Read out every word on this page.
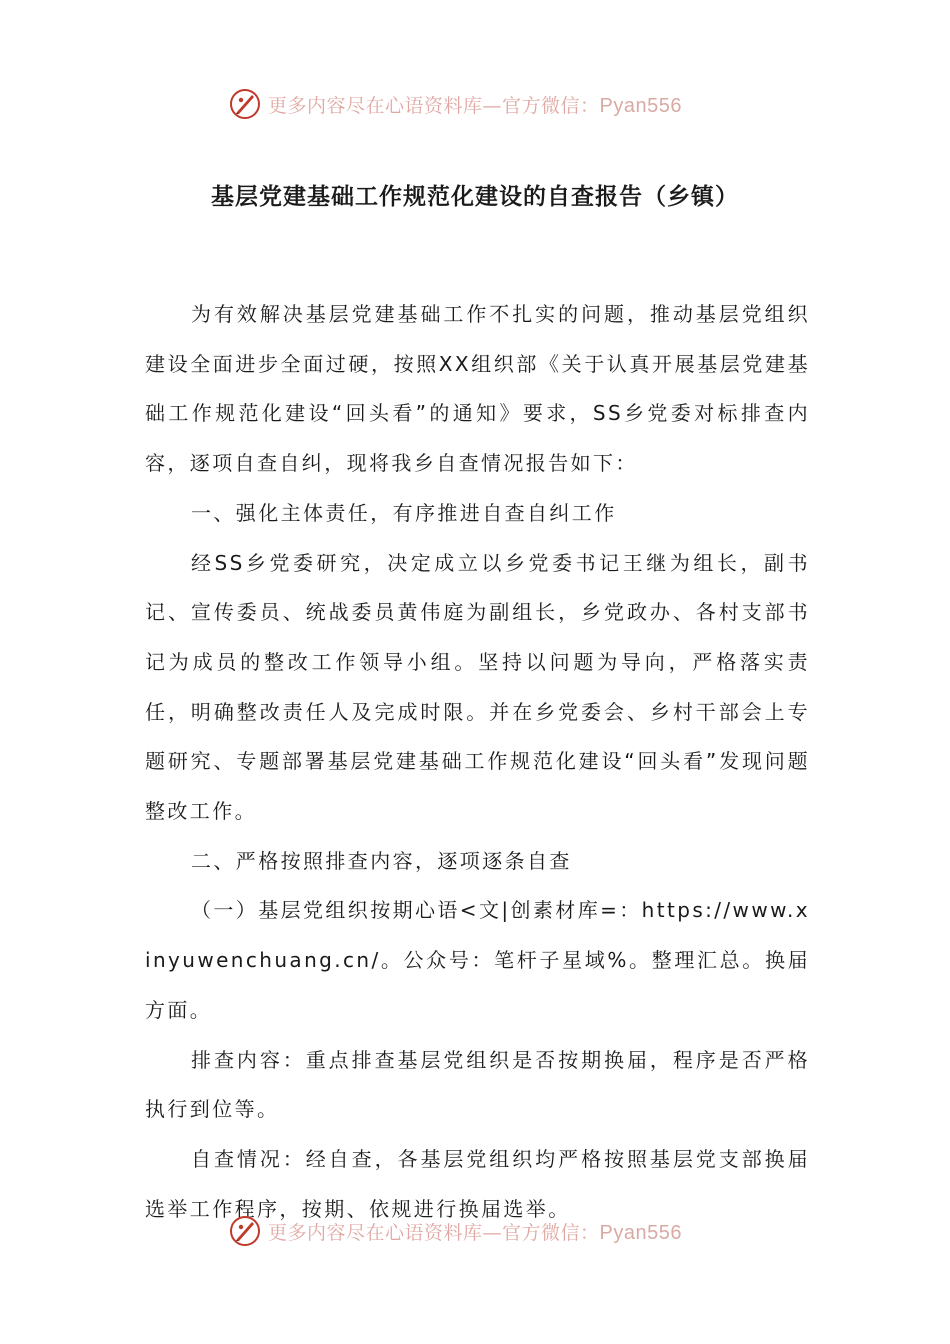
更多内容尽在心语资料库—官方微信：Pyan556
基层党建基础工作规范化建设的自查报告（乡镇）

为有效解决基层党建基础工作不扎实的问题，推动基层党组织建设全面进步全面过硬，按照XX组织部《关于认真开展基层党建基础工作规范化建设“回头看”的通知》要求，SS乡党委对标排查内容，逐项自查自纠，现将我乡自查情况报告如下：

一、强化主体责任，有序推进自查自纠工作

经SS乡党委研究，决定成立以乡党委书记王继为组长，副书记、宣传委员、统战委员黄伟庭为副组长，乡党政办、各村支部书记为成员的整改工作领导小组。坚持以问题为导向，严格落实责任，明确整改责任人及完成时限。并在乡党委会、乡村干部会上专题研究、专题部署基层党建基础工作规范化建设“回头看”发现问题整改工作。

二、严格按照排查内容，逐项逐条自查

（一）基层党组织按期心语<文|创素材库=：https://www.xinyuwenchuang.cn/。公众号：笔杆子星域%。整理汇总。换届方面。

排查内容：重点排查基层党组织是否按期换届，程序是否严格执行到位等。

自查情况：经自查，各基层党组织均严格按照基层党支部换届选举工作程序，按期、依规进行换届选举。

更多内容尽在心语资料库—官方微信：Pyan556
